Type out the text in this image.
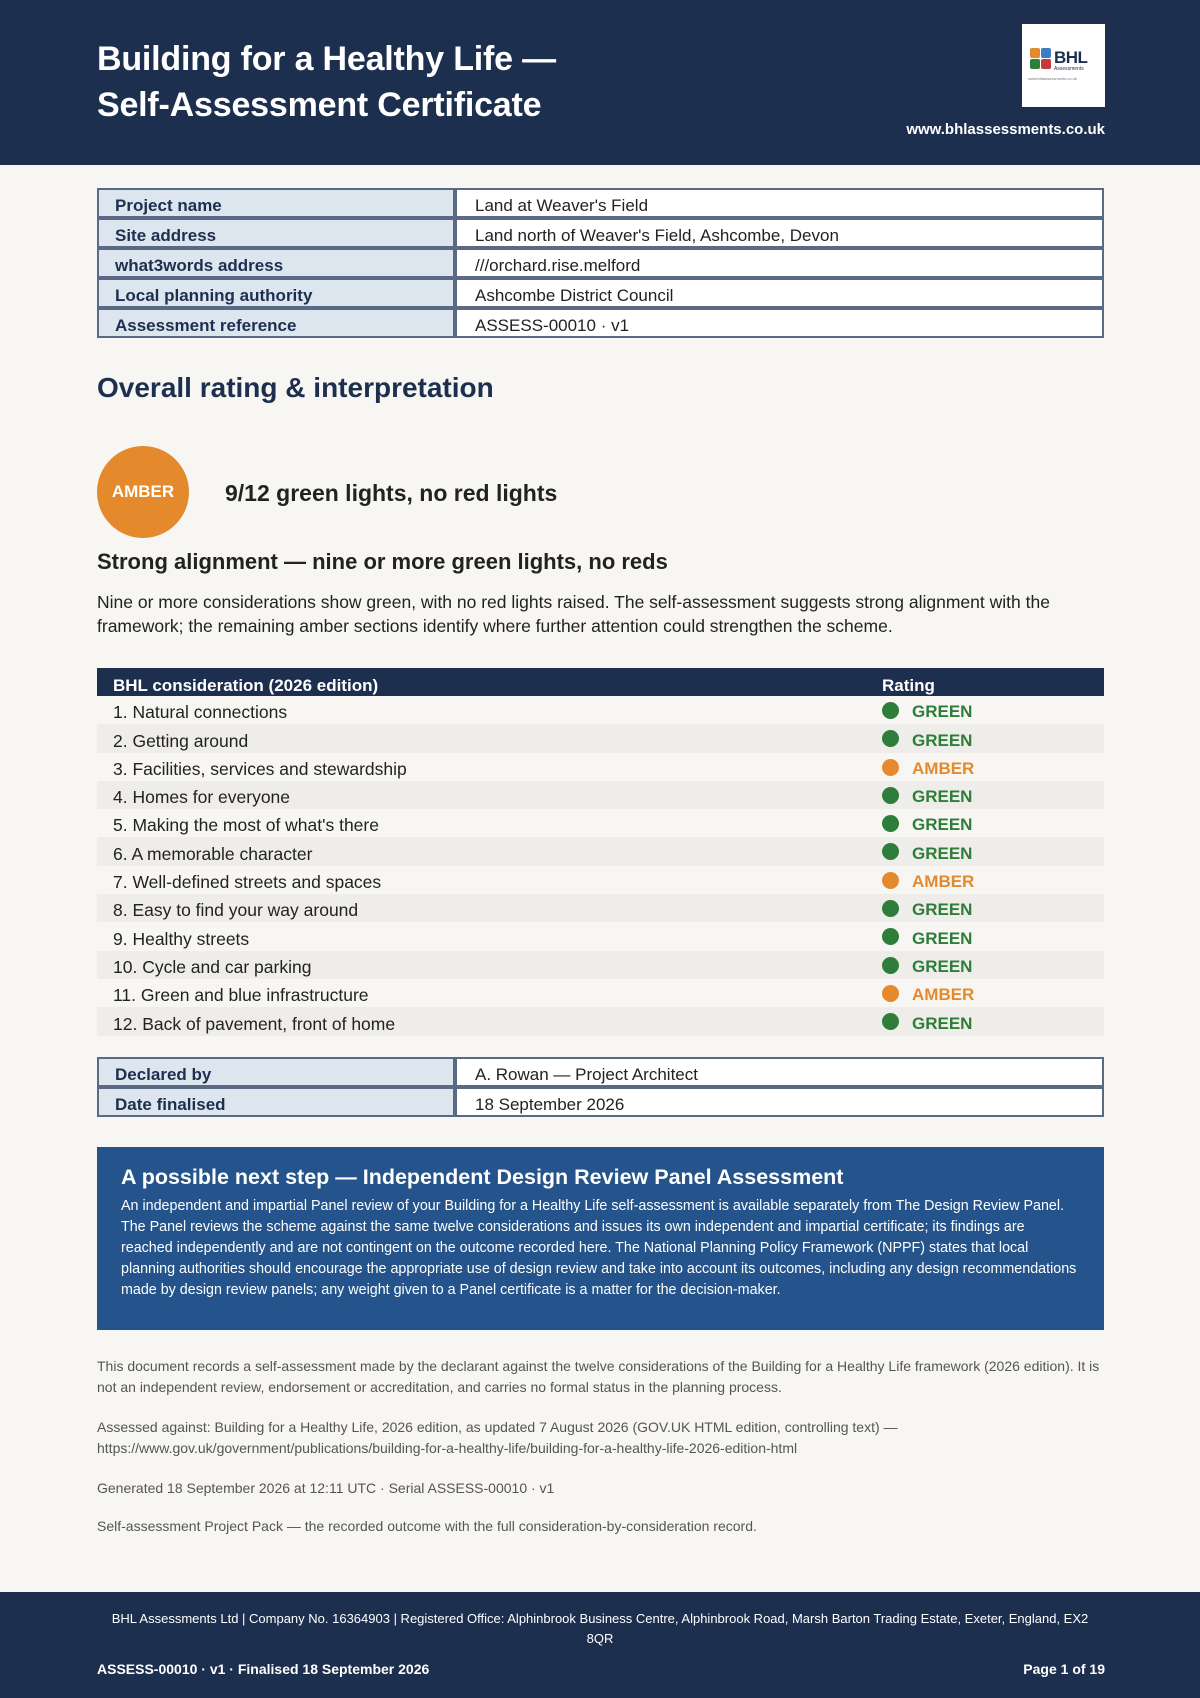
Building for a Healthy Life —
Self-Assessment Certificate
BHL
Assessments
www.bhlassessments.co.uk
www.bhlassessments.co.uk
Project name	Land at Weaver's Field
Site address	Land north of Weaver's Field, Ashcombe, Devon
what3words address	///orchard.rise.melford
Local planning authority	Ashcombe District Council
Assessment reference	ASSESS-00010 · v1
Overall rating & interpretation
AMBER	9/12 green lights, no red lights
Strong alignment — nine or more green lights, no reds

Nine or more considerations show green, with no red lights raised. The self-assessment suggests strong alignment with the framework; the remaining amber sections identify where further attention could strengthen the scheme.

BHL consideration (2026 edition)	Rating
1. Natural connections	GREEN
2. Getting around	GREEN
3. Facilities, services and stewardship	AMBER
4. Homes for everyone	GREEN
5. Making the most of what's there	GREEN
6. A memorable character	GREEN
7. Well-defined streets and spaces	AMBER
8. Easy to find your way around	GREEN
9. Healthy streets	GREEN
10. Cycle and car parking	GREEN
11. Green and blue infrastructure	AMBER
12. Back of pavement, front of home	GREEN
Declared by	A. Rowan — Project Architect
Date finalised	18 September 2026
A possible next step — Independent Design Review Panel Assessment

An independent and impartial Panel review of your Building for a Healthy Life self-assessment is available separately from The Design Review Panel. The Panel reviews the scheme against the same twelve considerations and issues its own independent and impartial certificate; its findings are reached independently and are not contingent on the outcome recorded here. The National Planning Policy Framework (NPPF) states that local planning authorities should encourage the appropriate use of design review and take into account its outcomes, including any design recommendations made by design review panels; any weight given to a Panel certificate is a matter for the decision-maker.

This document records a self-assessment made by the declarant against the twelve considerations of the Building for a Healthy Life framework (2026 edition). It is not an independent review, endorsement or accreditation, and carries no formal status in the planning process.

Assessed against: Building for a Healthy Life, 2026 edition, as updated 7 August 2026 (GOV.UK HTML edition, controlling text) — https://www.gov.uk/government/publications/building-for-a-healthy-life/building-for-a-healthy-life-2026-edition-html

Generated 18 September 2026 at 12:11 UTC · Serial ASSESS-00010 · v1

Self-assessment Project Pack — the recorded outcome with the full consideration-by-consideration record.

BHL Assessments Ltd | Company No. 16364903 | Registered Office: Alphinbrook Business Centre, Alphinbrook Road, Marsh Barton Trading Estate, Exeter, England, EX2 8QR

ASSESS-00010 · v1 · Finalised 18 September 2026	Page 1 of 19
